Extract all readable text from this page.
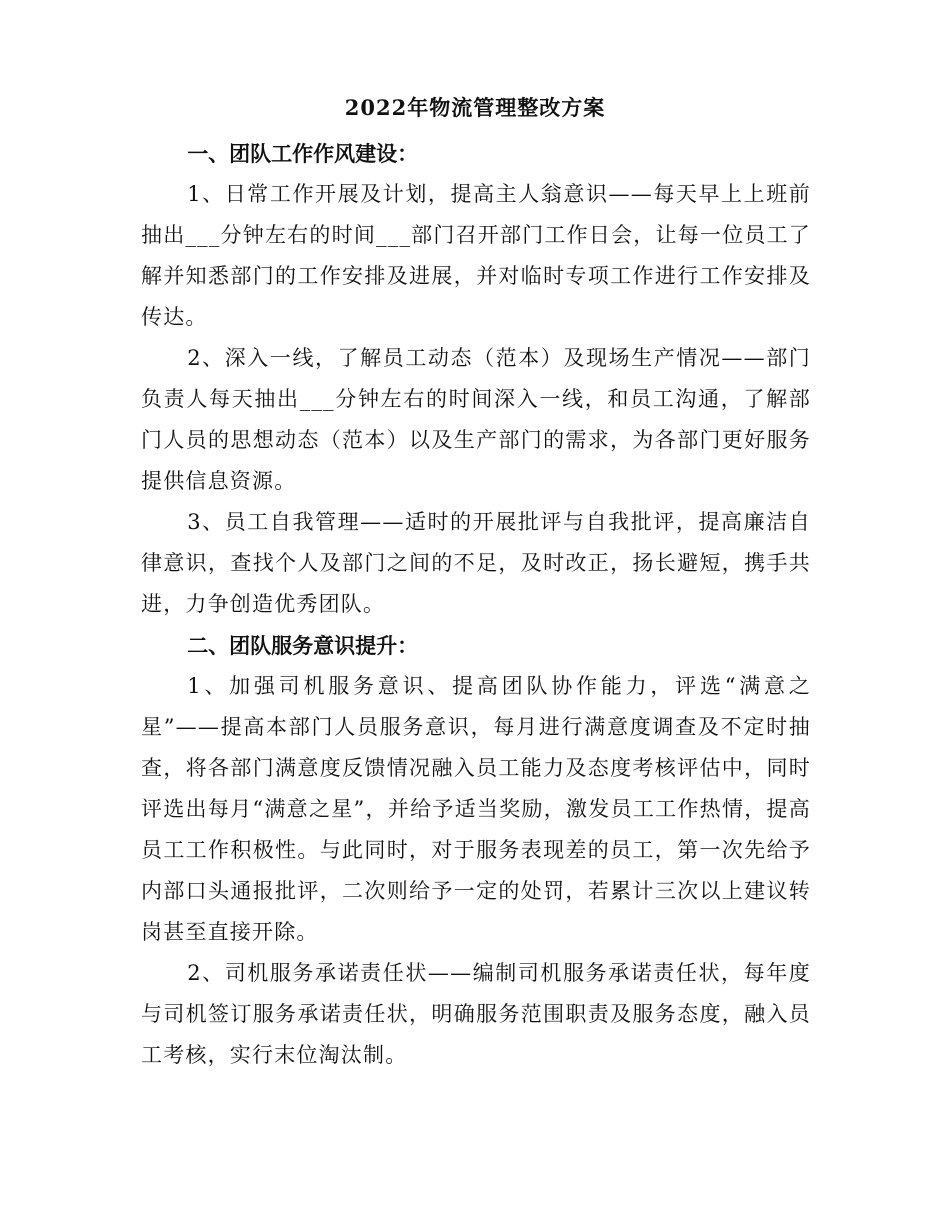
2022年物流管理整改方案

一、团队工作作风建设：

1、日常工作开展及计划，提高主人翁意识——每天早上上班前抽出___分钟左右的时间___部门召开部门工作日会，让每一位员工了解并知悉部门的工作安排及进展，并对临时专项工作进行工作安排及传达。

2、深入一线，了解员工动态（范本）及现场生产情况——部门负责人每天抽出___分钟左右的时间深入一线，和员工沟通，了解部门人员的思想动态（范本）以及生产部门的需求，为各部门更好服务提供信息资源。

3、员工自我管理——适时的开展批评与自我批评，提高廉洁自律意识，查找个人及部门之间的不足，及时改正，扬长避短，携手共进，力争创造优秀团队。

二、团队服务意识提升：

1、加强司机服务意识、提高团队协作能力，评选“满意之星”——提高本部门人员服务意识，每月进行满意度调查及不定时抽查，将各部门满意度反馈情况融入员工能力及态度考核评估中，同时评选出每月“满意之星”，并给予适当奖励，激发员工工作热情，提高员工工作积极性。与此同时，对于服务表现差的员工，第一次先给予内部口头通报批评，二次则给予一定的处罚，若累计三次以上建议转岗甚至直接开除。

2、司机服务承诺责任状——编制司机服务承诺责任状，每年度与司机签订服务承诺责任状，明确服务范围职责及服务态度，融入员工考核，实行末位淘汰制。
